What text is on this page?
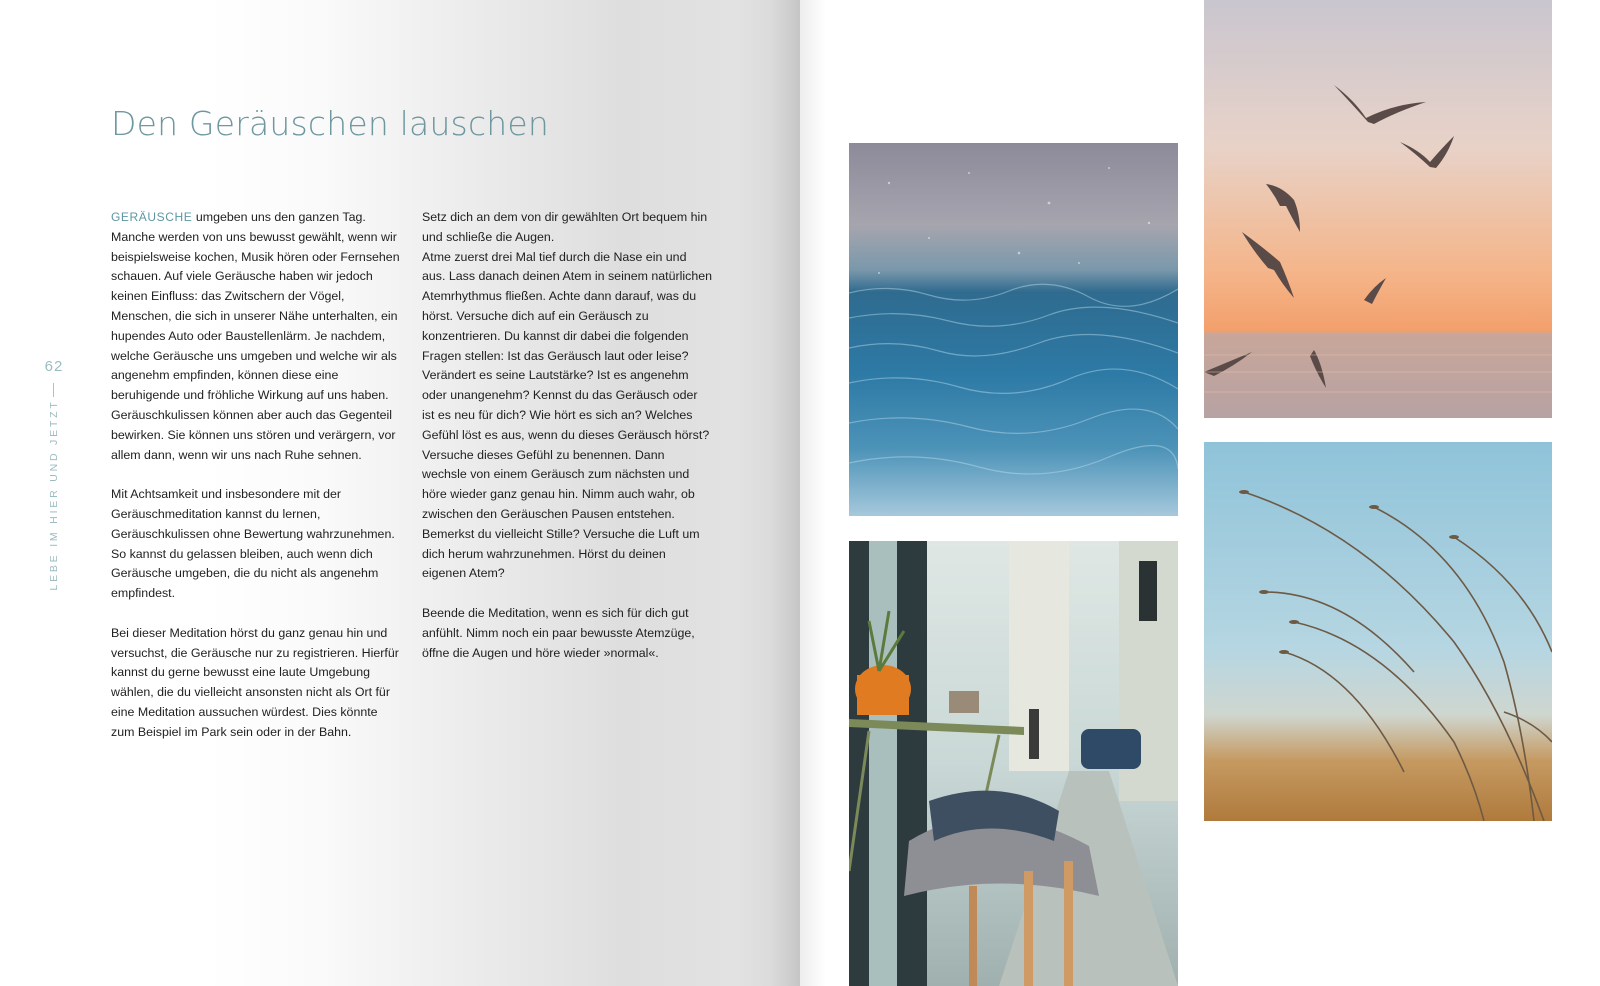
Den Geräuschen lauschen
62
LEBE IM HIER UND JETZT

GERÄUSCHE umgeben uns den ganzen Tag. Manche werden von uns bewusst gewählt, wenn wir beispielsweise kochen, Musik hören oder Fernsehen schauen. Auf viele Geräusche haben wir jedoch keinen Einfluss: das Zwitschern der Vögel, Menschen, die sich in unserer Nähe unterhalten, ein hupendes Auto oder Baustellenlärm. Je nachdem, welche Geräusche uns umgeben und welche wir als angenehm empfinden, können diese eine beruhigende und fröhliche Wirkung auf uns haben. Geräuschkulissen können aber auch das Gegenteil bewirken. Sie können uns stören und verärgern, vor allem dann, wenn wir uns nach Ruhe sehnen.

Mit Achtsamkeit und insbesondere mit der Geräuschmeditation kannst du lernen, Geräuschkulissen ohne Bewertung wahrzunehmen. So kannst du gelassen bleiben, auch wenn dich Geräusche umgeben, die du nicht als angenehm empfindest.

Bei dieser Meditation hörst du ganz genau hin und versuchst, die Geräusche nur zu registrieren. Hierfür kannst du gerne bewusst eine laute Umgebung wählen, die du vielleicht ansonsten nicht als Ort für eine Meditation aussuchen würdest. Dies könnte zum Beispiel im Park sein oder in der Bahn.

Setz dich an dem von dir gewählten Ort bequem hin und schließe die Augen.

Atme zuerst drei Mal tief durch die Nase ein und aus. Lass danach deinen Atem in seinem natürlichen Atemrhythmus fließen. Achte dann darauf, was du hörst. Versuche dich auf ein Geräusch zu konzentrieren. Du kannst dir dabei die folgenden Fragen stellen: Ist das Geräusch laut oder leise? Verändert es seine Lautstärke? Ist es angenehm oder unangenehm? Kennst du das Geräusch oder ist es neu für dich? Wie hört es sich an? Welches Gefühl löst es aus, wenn du dieses Geräusch hörst? Versuche dieses Gefühl zu benennen. Dann wechsle von einem Geräusch zum nächsten und höre wieder ganz genau hin. Nimm auch wahr, ob zwischen den Geräuschen Pausen entstehen. Bemerkst du vielleicht Stille? Versuche die Luft um dich herum wahrzunehmen. Hörst du deinen eigenen Atem?

Beende die Meditation, wenn es sich für dich gut anfühlt. Nimm noch ein paar bewusste Atemzüge, öffne die Augen und höre wieder »normal«.
